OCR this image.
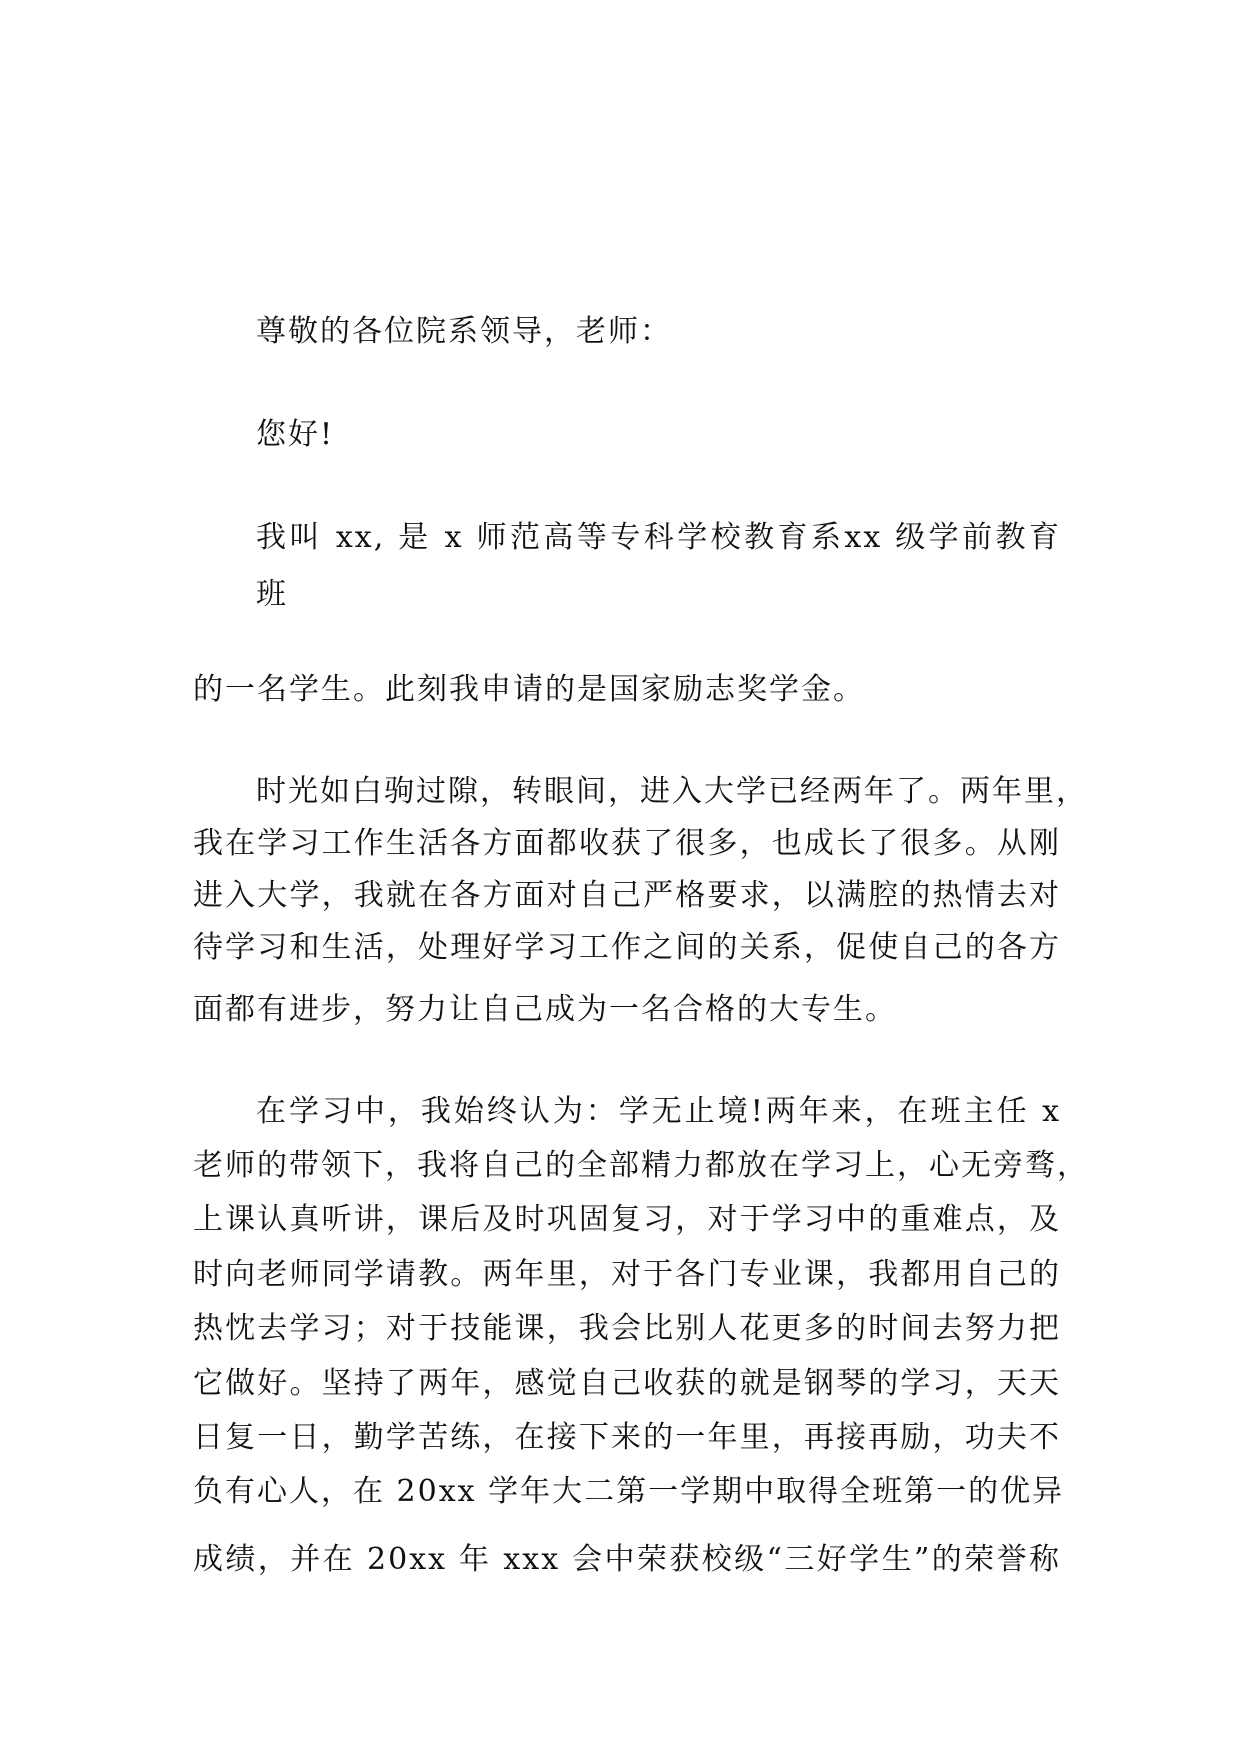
尊敬的各位院系领导，老师：
您好!
我叫 xx, 是 x 师范高等专科学校教育系xx 级学前教育
班
的一名学生。此刻我申请的是国家励志奖学金。
时光如白驹过隙，转眼间，进入大学已经两年了。两年里，
我在学习工作生活各方面都收获了很多，也成长了很多。从刚
进入大学，我就在各方面对自己严格要求，以满腔的热情去对
待学习和生活，处理好学习工作之间的关系，促使自己的各方
面都有进步，努力让自己成为一名合格的大专生。
在学习中，我始终认为：学无止境!两年来，在班主任 x
老师的带领下，我将自己的全部精力都放在学习上，心无旁骛，
上课认真听讲，课后及时巩固复习，对于学习中的重难点，及
时向老师同学请教。两年里，对于各门专业课，我都用自己的
热忱去学习；对于技能课，我会比别人花更多的时间去努力把
它做好。坚持了两年，感觉自己收获的就是钢琴的学习，天天
日复一日，勤学苦练，在接下来的一年里，再接再励，功夫不
负有心人，在 20xx 学年大二第一学期中取得全班第一的优异
成绩，并在 20xx 年 xxx 会中荣获校级“三好学生”的荣誉称
